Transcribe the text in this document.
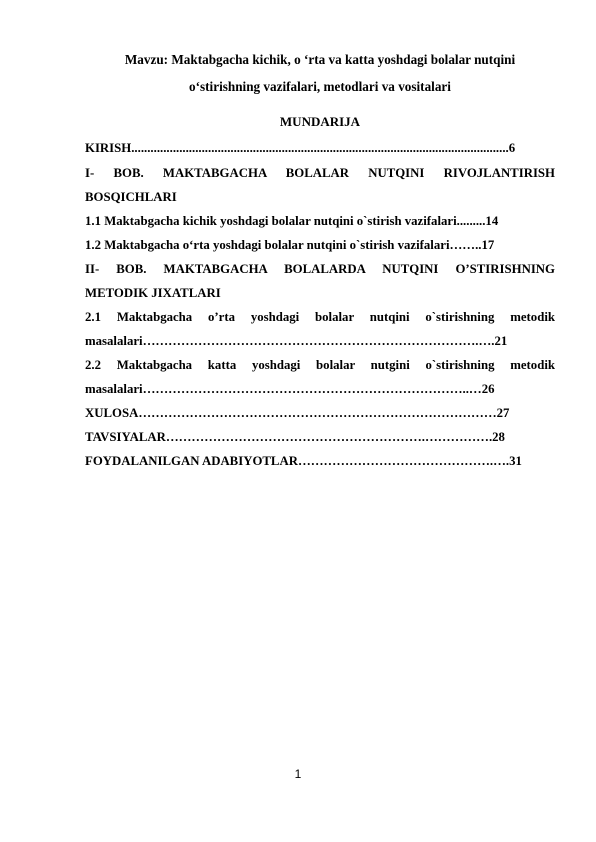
Mavzu: Maktabgacha kichik, o ‘rta va katta yoshdagi bolalar nutqini
o‘stirishning vazifalari, metodlari va vositalari
MUNDARIJA
KIRISH......................................................................................................................6
I- BOB. MAKTABGACHA BOLALAR NUTQINI RIVOJLANTIRISH
BOSQICHLARI
1.1 Maktabgacha kichik yoshdagi bolalar nutqini o`stirish vazifalari.........14
1.2 Maktabgacha o‘rta yoshdagi bolalar nutqini o`stirish vazifalari……..17
II- BOB. MAKTABGACHA BOLALARDA NUTQINI O’STIRISHNING
METODIK JIXATLARI
2.1 Maktabgacha o’rta yoshdagi bolalar nutqini o`stirishning metodik
masalalari…………………………………………………………………….….21
2.2 Maktabgacha katta yoshdagi bolalar nutgini o`stirishning metodik
masalalari…………………………………………………………………..…26
XULOSA…………………………………………………………………………27
TAVSIYALAR…………………………………………………….…………….28
FOYDALANILGAN ADABIYOTLAR……………………………………….….31
1
